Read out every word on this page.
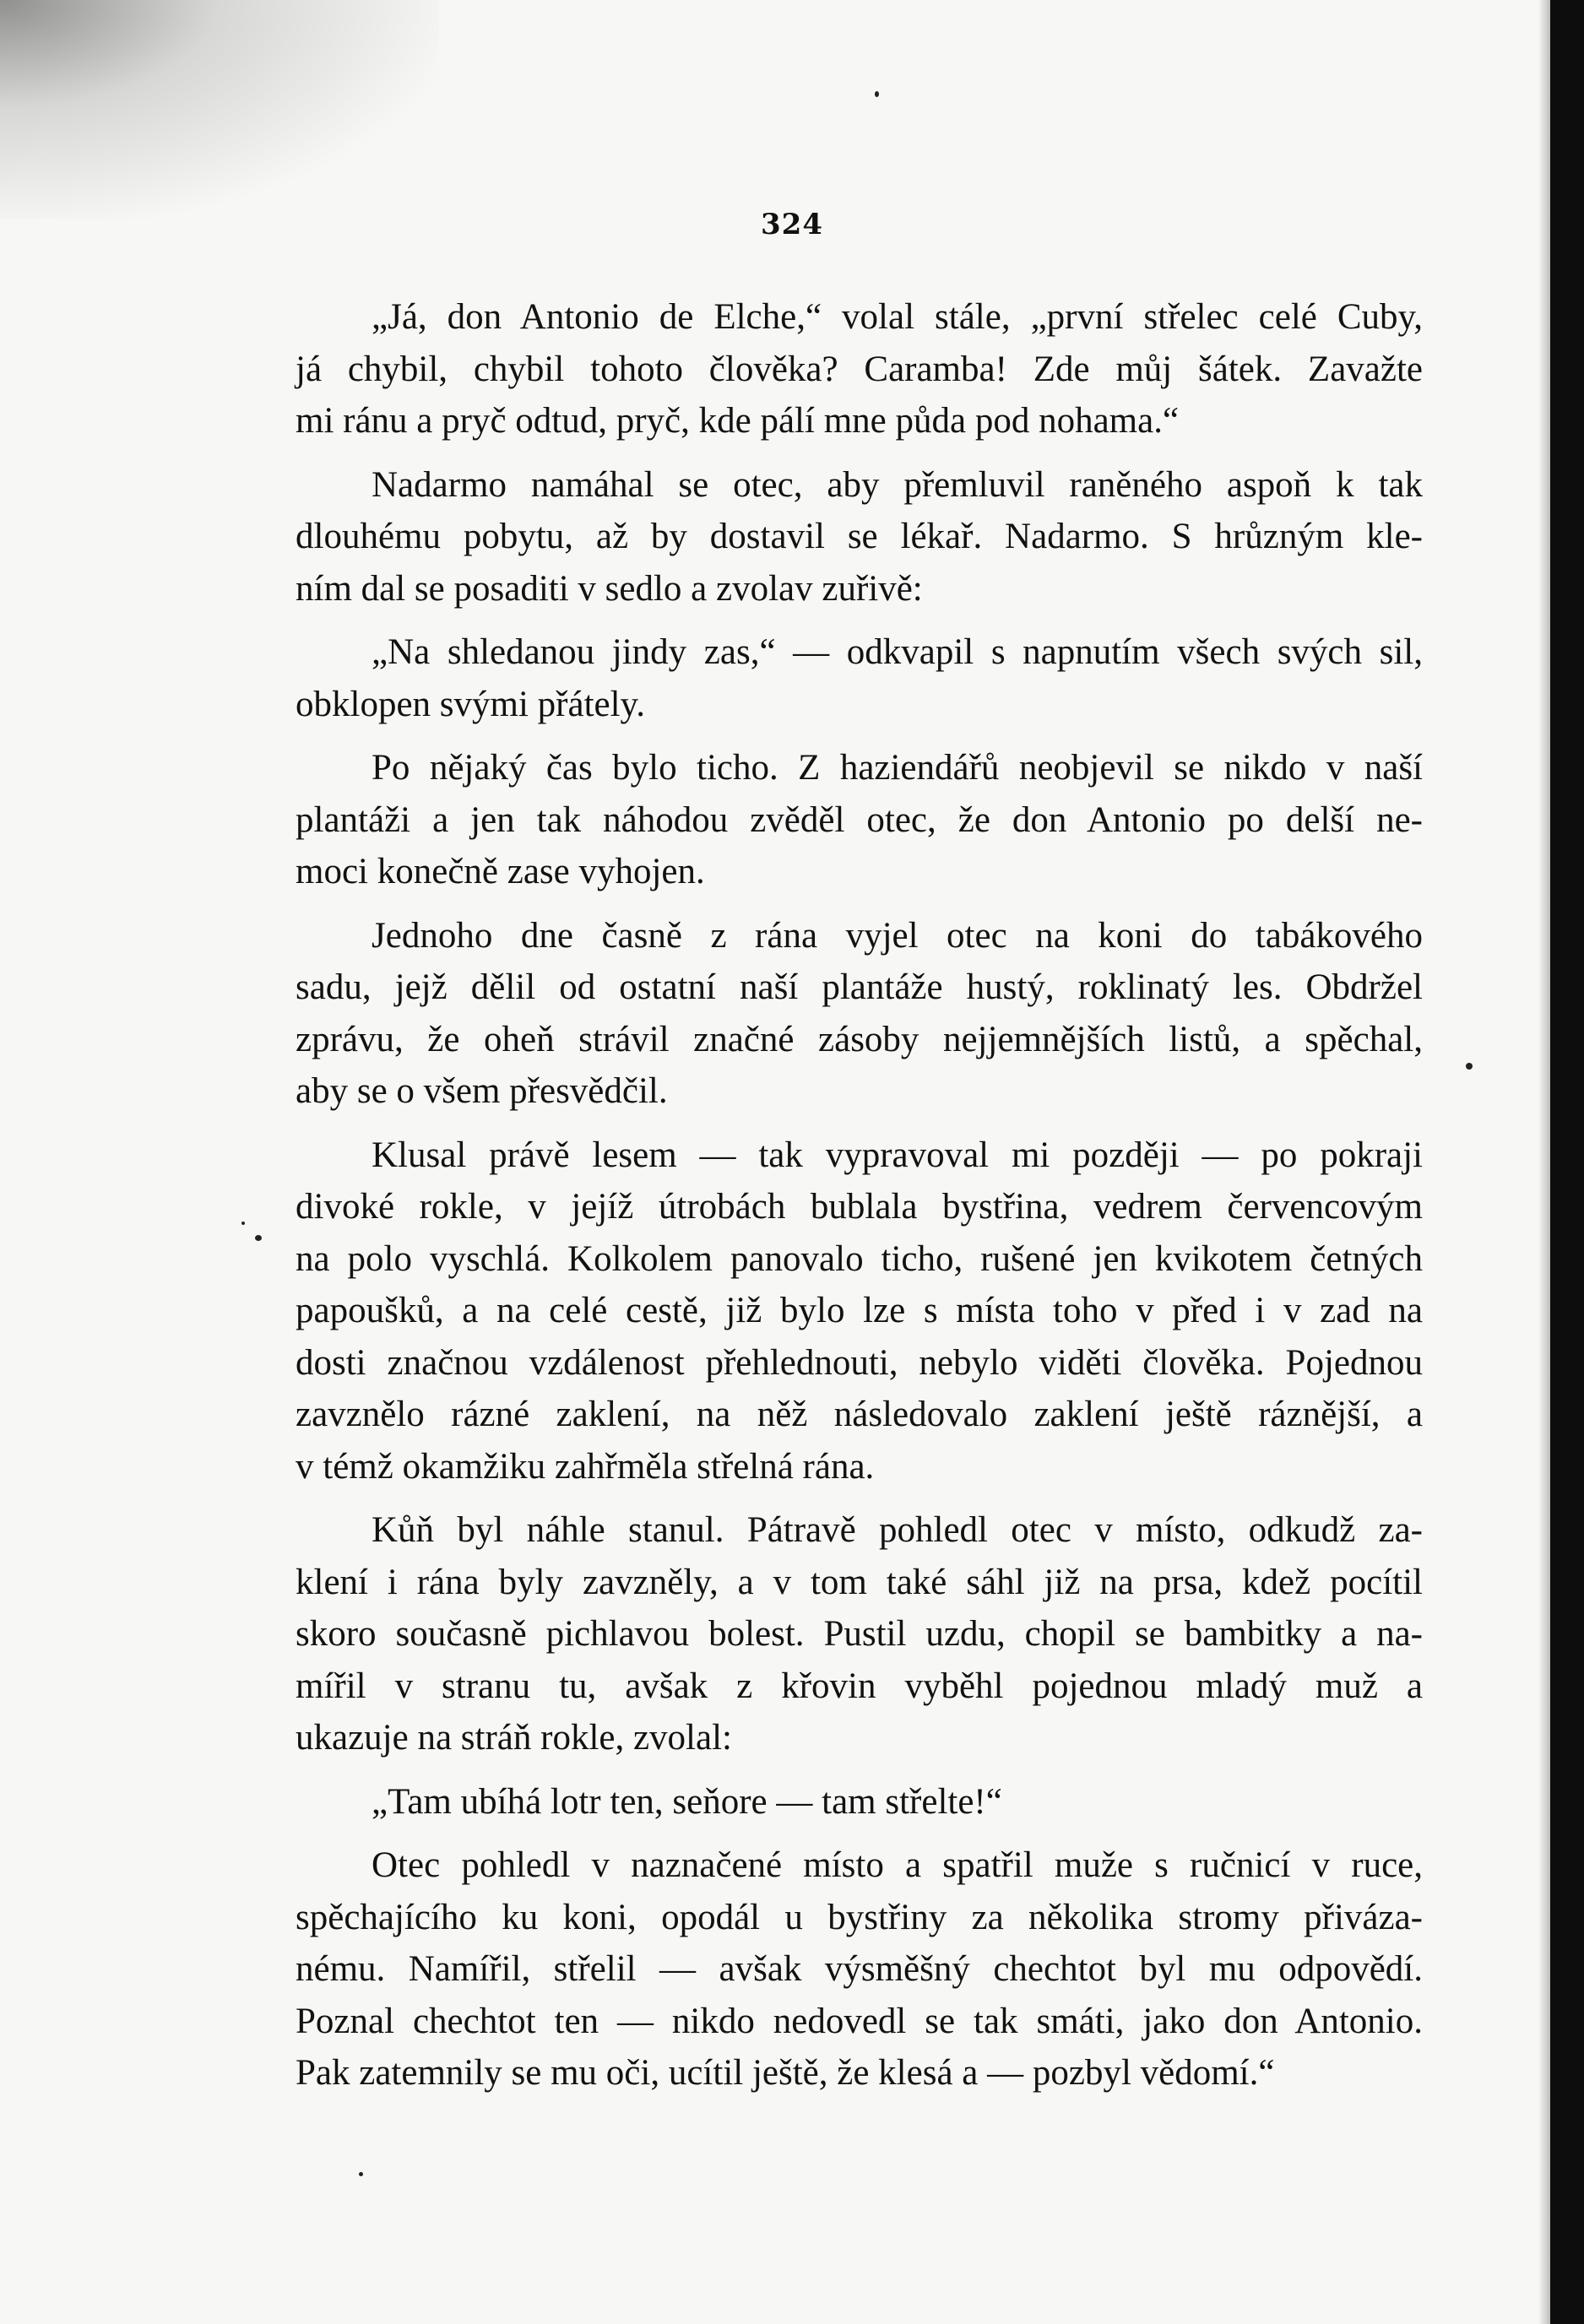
324
„Já, don Antonio de Elche,“ volal stále, „první střelec celé Cuby,
já chybil, chybil tohoto člověka? Caramba! Zde můj šátek. Zavažte
mi ránu a pryč odtud, pryč, kde pálí mne půda pod nohama.“
Nadarmo namáhal se otec, aby přemluvil raněného aspoň k tak
dlouhému pobytu, až by dostavil se lékař. Nadarmo. S hrůzným kle-
ním dal se posaditi v sedlo a zvolav zuřivě:
„Na shledanou jindy zas,“ — odkvapil s napnutím všech svých sil,
obklopen svými přátely.
Po nějaký čas bylo ticho. Z haziendářů neobjevil se nikdo v naší
plantáži a jen tak náhodou zvěděl otec, že don Antonio po delší ne-
moci konečně zase vyhojen.
Jednoho dne časně z rána vyjel otec na koni do tabákového
sadu, jejž dělil od ostatní naší plantáže hustý, roklinatý les. Obdržel
zprávu, že oheň strávil značné zásoby nejjemnějších listů, a spěchal,
aby se o všem přesvědčil.
Klusal právě lesem — tak vypravoval mi později — po pokraji
divoké rokle, v jejíž útrobách bublala bystřina, vedrem červencovým
na polo vyschlá. Kolkolem panovalo ticho, rušené jen kvikotem četných
papoušků, a na celé cestě, již bylo lze s místa toho v před i v zad na
dosti značnou vzdálenost přehlednouti, nebylo viděti člověka. Pojednou
zavznělo rázné zaklení, na něž následovalo zaklení ještě ráznější, a
v témž okamžiku zahřměla střelná rána.
Kůň byl náhle stanul. Pátravě pohledl otec v místo, odkudž za-
klení i rána byly zavzněly, a v tom také sáhl již na prsa, kdež pocítil
skoro současně pichlavou bolest. Pustil uzdu, chopil se bambitky a na-
mířil v stranu tu, avšak z křovin vyběhl pojednou mladý muž a
ukazuje na stráň rokle, zvolal:
„Tam ubíhá lotr ten, seňore — tam střelte!“
Otec pohledl v naznačené místo a spatřil muže s ručnicí v ruce,
spěchajícího ku koni, opodál u bystřiny za několika stromy přiváza-
nému. Namířil, střelil — avšak výsměšný chechtot byl mu odpovědí.
Poznal chechtot ten — nikdo nedovedl se tak smáti, jako don Antonio.
Pak zatemnily se mu oči, ucítil ještě, že klesá a — pozbyl vědomí.“
